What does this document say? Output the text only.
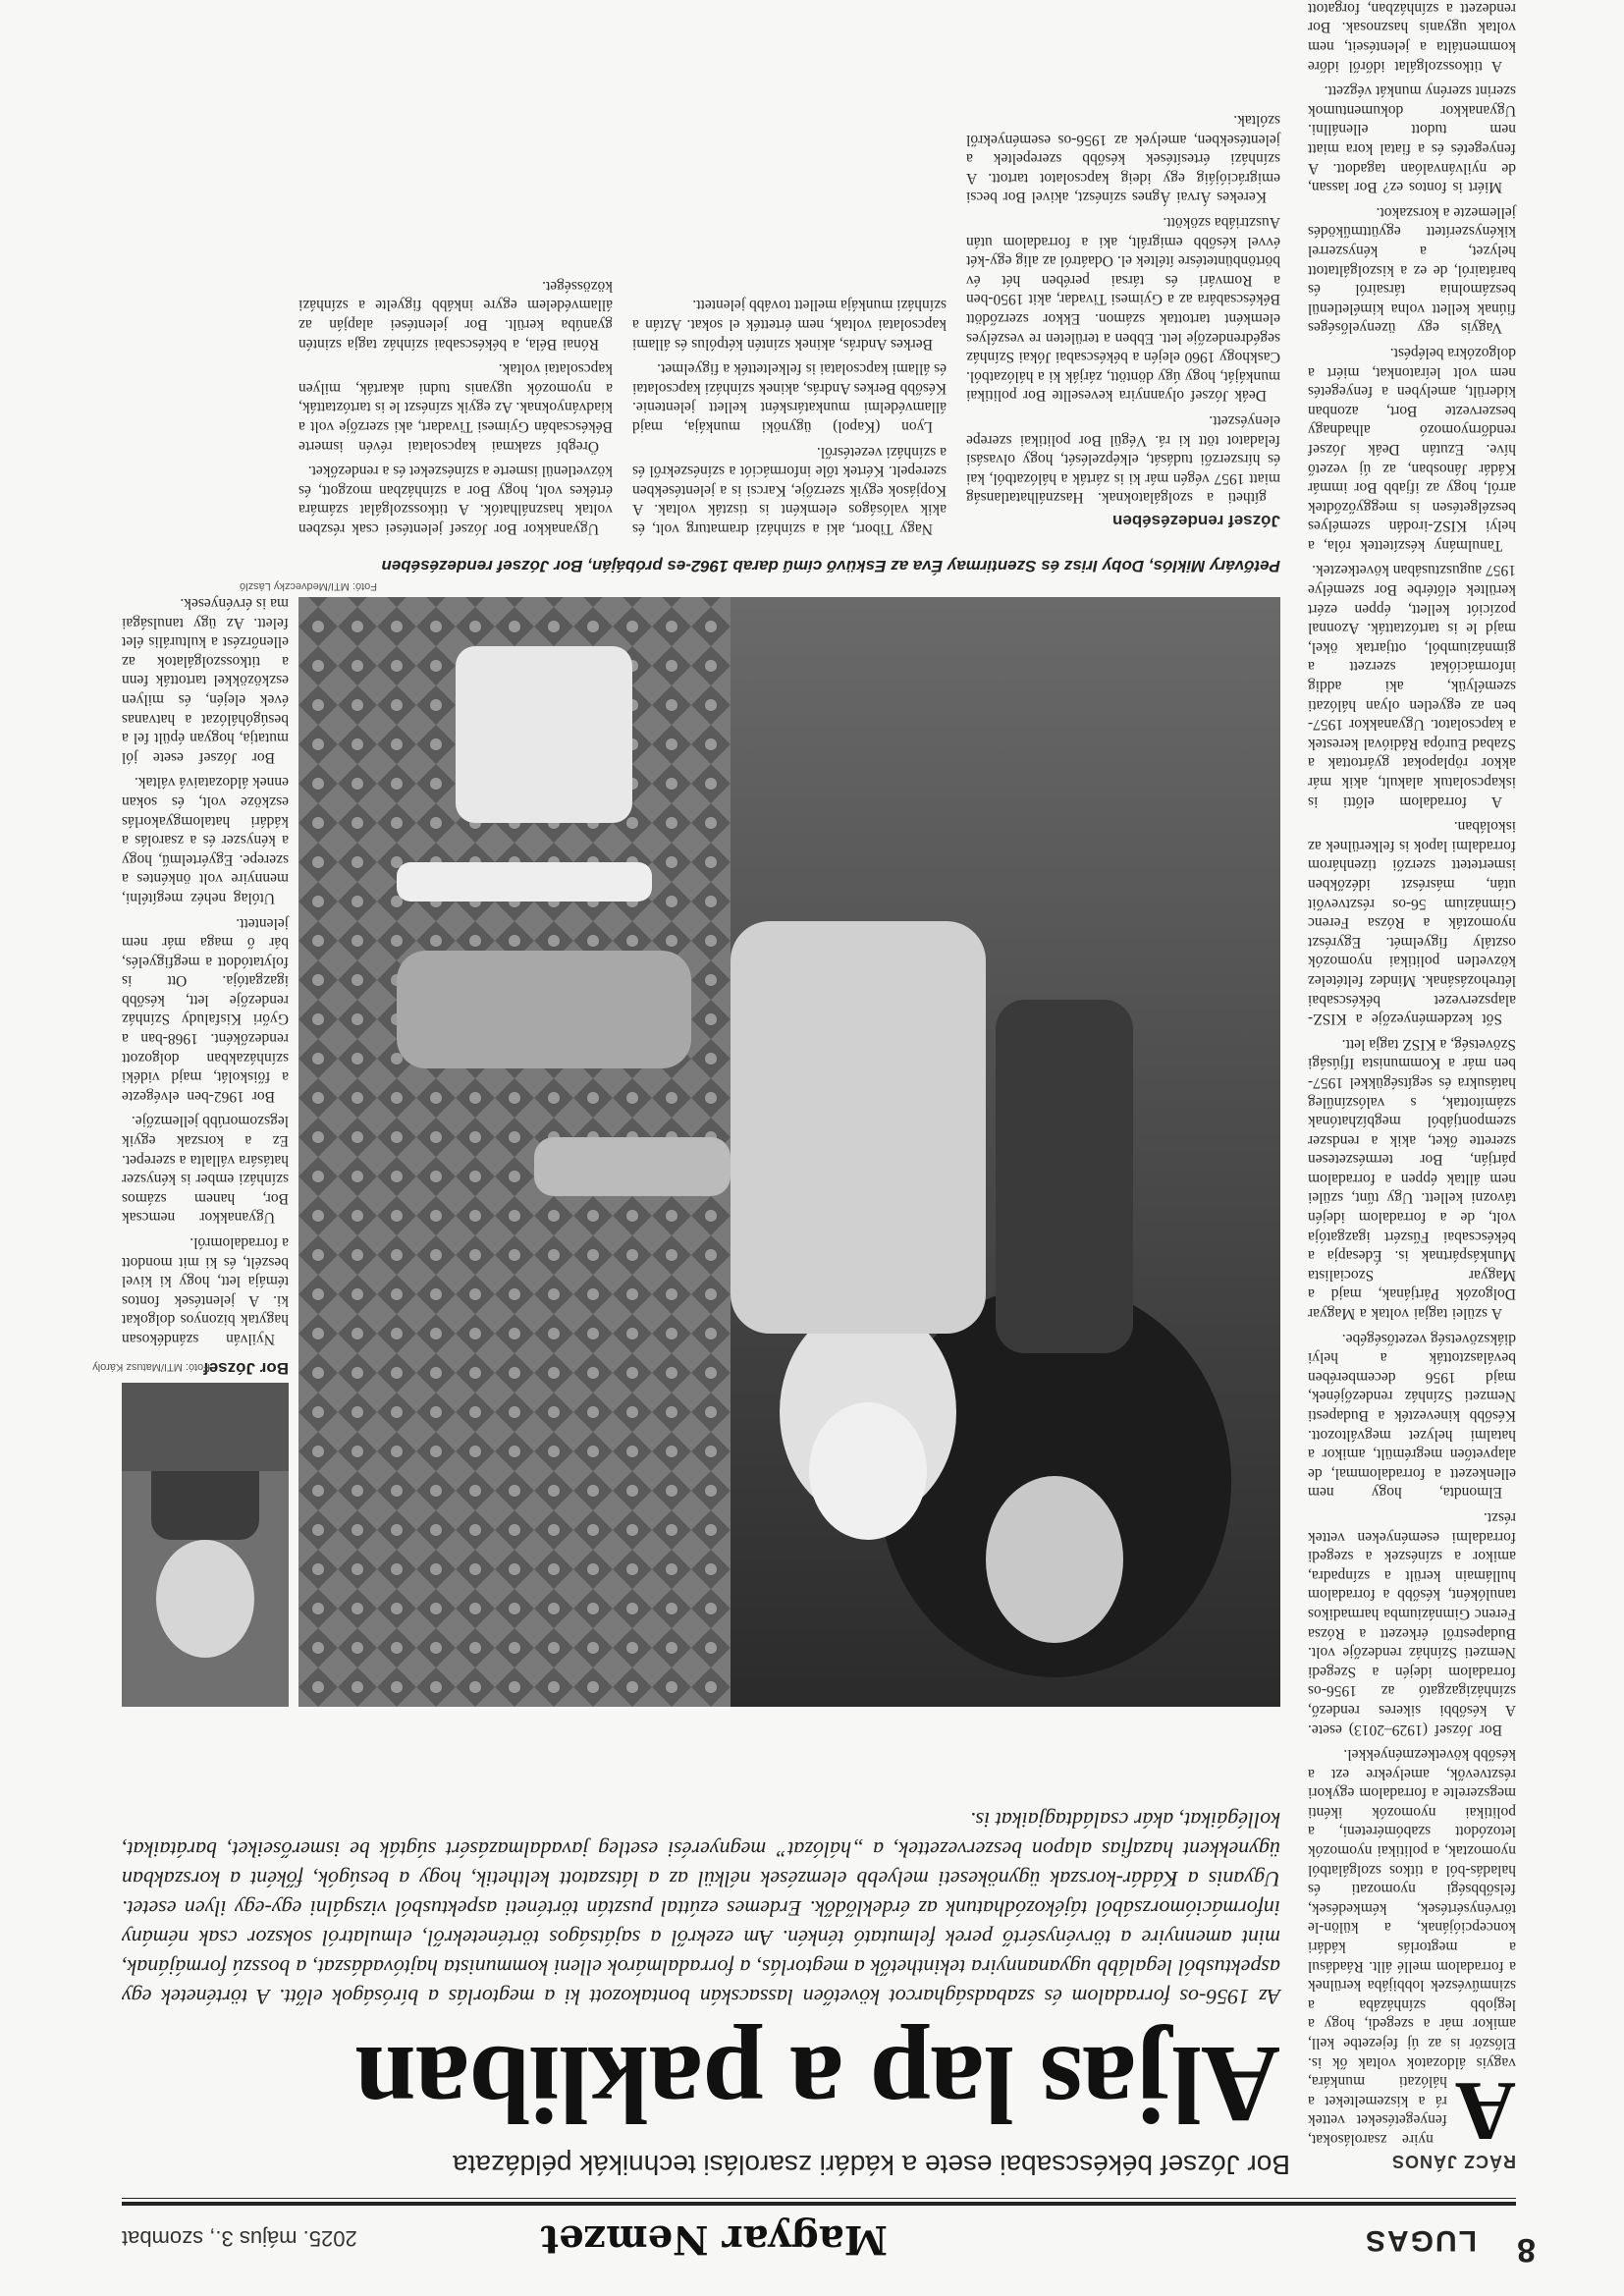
8
LUGAS
Magyar Nemzet
2025. május 3., szombat
RÁCZ JÁNOS
Bor József békéscsabai esete a kádári zsarolási technikák példázata
Aljas lap a pakliban
Az 1956-os forradalom és szabadságharcot követően lassacskán bontakozott ki a megtorlás a bíróságok előtt. A történetek egy aspektusból legalább ugyanannyira tekinthetők a megtorlás, a forradalmárok elleni kommunista hajtóvadászat, a bosszú formájának, mint amennyire a törvénysértő perek felmutató ténkén. Am ezekről a sajátságos történetekről, elmulatról sokszor csak némány információmorzsából tájékozódhatunk az érdeklődők. Erdemes ezúttal pusztán történeti aspektusból vizsgálni egy-egy ilyen esetet. Ugyanis a Kádár-korszak ügynökeseti melyebb elemzések nélkül az a látszatott kelthetik, hogy a besúgók, főként a korszakban ügynekkent hazafias alapon beszervezettek, a „hálózat” megnyerési esetleg javadalmazásért súgták be ismerőseiket, barátaikat, kollégáikat, akár családtagjaikat is.
A

nyire zsarolásokat, fenyegetéseket vettek rá a kiszemelteket a hálózati munkára, vagyis áldozatok voltak ők is. Először is az új fejezetbe kell, amikor már a szegedi, hogy a legjobb színházába a szinművészek lobbijába kerülnek a forradalom mellé állt. Ráadásul a megtorlás kádári koncepciójának, a külön-le törvénysértések, kémkedések, felsőbbségi nyomozati és haladás-ból a titkos szolgálatból nyomoztak, a politikai nyomozók letozódott szabóméreteni, a politikai nyomozók ikénti megszerelte a forradalom egykori résztvevők, amelyekre ezt a később következményekkel.

Bor József (1929–2013) esete. A későbbi sikeres rendező, színházigazgató az 1956-os forradalom idején a Szegedi Nemzeti Színház rendezője volt. Budapestről érkezett a Rózsa Ferenc Gimnáziumba harmadikos tanulóként, később a forradalom hullámain került a színpadra, amikor a színészek a szegedi forradalmi eseményeken vettek részt.

Elmondta, hogy nem ellenkezett a forradalommal, de alapvetően megrémült, amikor a hatalmi helyzet megváltozott. Később kinevezték a Budapesti Nemzeti Színház rendezőjének, majd 1956 decemberében beválasztották a helyi diákszövetség vezetőségébe.

A szülei tagjai voltak a Magyar Dolgozók Pártjának, majd a Magyar Szocialista Munkáspártnak is. Édesapja a békéscsabai Fűszért igazgatója volt, de a forradalom idején távozni kellett. Ugy tűnt, szülei nem álltak éppen a forradalom pártján, Bor természetesen szerette őket, akik a rendszer szempontjából megbízhatónak számítottak, s valószínűleg hatásukra és segítségükkel 1957-ben már a Kommunista Ifjúsági Szövetség, a KISZ tagja lett.

Sőt kezdeményezője a KISZ-alapszervezet békéscsabai létrehozásának. Mindez feltételez közvetlen politikai nyomozók osztály figyelmét. Egyrészt nyomozták a Rózsa Ferenc Gimnázium 56-os résztvevőit után, másrészt idézőkben ismertetett szerzői tizenhárom forradalmi lapok is felkerülnek az iskolában.

A forradalom előtti is iskapcsolatuk alakult, akik már akkor röplapokat gyártottak a Szabad Európa Rádióval kerestek a kapcsolatot. Ugyanakkor 1957-ben az egyetlen olyan hálózati személyük, aki addig információkat szerzett a gimnáziumból, ottjartak ökel, majd le is tartóztatták. Azonnal pozíciót kellett, éppen ezért kerültek előtérbe Bor személye 1957 augusztusában következtek.

Tanulmány készítettek róla, a helyi KISZ-irodán személyes beszélgetésen is meggyőződtek arról, hogy az ifjabb Bor immár Kádár Jánosban, az új vezető híve. Ezután Deák József rendőrnyomozó alhadnagy beszervezte Bort, azonban kiderült, amelyben a fenyegetés nem volt leíratonkat, miért a dolgozókra belépést.

Vagyis egy üzenyelőséges fiúnak kellett volna kiméletlenül beszámolnia társairól és barátairól, de ez a kiszolgáltatott helyzet, a kényszerrel kikényszerített együttműködés jellemezte a korszakot.

Miért is fontos ez? Bor lassan, de nyilvánvalóan tagadott. A fenyegetés és a fiatal kora miatt nem tudott ellenállni. Ugyanakkor dokumentumok szerint szerény munkát végzett.

A titkosszolgálat időről időre kommentálta a jelentéseit, nem voltak ugyanis hasznosak. Bor rendezett a színházban, forgatott

Fotó: MTI/Medveczky László
Petőváry Miklós, Doby Irisz és Szentirmay Éva az Esküvő című darab 1962-es próbáján, Bor József rendezésében
Bor József
Fotó: MTI/Matusz Károly

József rendezésében

gítheti a szolgálatoknak. Használhatatlanság miatt 1957 végén már ki is zárták a hálózatból, kai és hírszerzői tudását, elképzelését, hogy olvasási feladatot tött ki rá. Végül Bor politikai szerepe elenyészett.

Deák József olyannyira kevesellte Bor politikai munkáját, hogy úgy döntött, zárják ki a hálózatból. Caskhogy 1960 elején a békéscsabai Jókai Színház segédrendezője lett. Ebben a területen re veszélyes elemként tartottak számon. Ekkor szerződött Békéscsabára az a Gyimesi Tivadar, akit 1950-ben a Romvári és társai perében hét év börtönbüntetésre ítéltek el. Odaátról az alig egy-két évvel később emigrált, aki a forradalom után Ausztriába szökött.

Kerekes Árvai Ágnes színészt, akivel Bor becsi emigrációjáig egy ideig kapcsolatot tartott. A színházi értesítések később szerepeltek a jelentésekben, amelyek az 1956-os eseményekről szóltak.

Nagy Tibort, aki a színházi dramaturg volt, és akik valóságos elemként is tiszták voltak. A Kopjások egyik szerzője, Karcsi is a jelentésekben szerepelt. Kértek tőle információt a színészekről és a színházi vezetésről.

Lyon (Kapol) ügynöki munkája, majd államvédelmi munkatársként kellett jelentenie. Később Berkes András, akinek színházi kapcsolatai és állami kapcsolatai is felkeltették a figyelmet.

Berkes András, akinek szintén kétpólus és állami kapcsolatai voltak, nem értették el sokat. Aztán a színházi munkája mellett tovább jelentett.

Ugyanakkor Bor József jelentései csak részben voltak használhatók. A titkosszolgálat számára értékes volt, hogy Bor a színházban mozgott, és közvetlenül ismerte a színészeket és a rendezőket.

Öregbí szakmai kapcsolatai révén ismerte Békéscsabán Gyimesi Tivadart, aki szerzője volt a kiadványoknak. Az egyik színészt le is tartóztatták, a nyomozók ugyanis tudni akarták, milyen kapcsolatai voltak.

Rónai Béla, a békéscsabai színház tagja szintén gyanúba került. Bor jelentései alapján az államvédelem egyre inkább figyelte a színházi közösséget.

Nyilván szándékosan hagytak bizonyos dolgokat ki. A jelentések fontos témája lett, hogy ki kivel beszélt, és ki mit mondott a forradalomról.

Ugyanakkor nemcsak Bor, hanem számos színházi ember is kényszer hatására vállalta a szerepet. Ez a korszak egyik legszomorúbb jellemzője.

Bor 1962-ben elvégezte a főiskolát, majd vidéki színházakban dolgozott rendezőként. 1968-ban a Győri Kisfaludy Színház rendezője lett, később igazgatója. Ott is folytatódott a megfigyelés, bár ő maga már nem jelentett.

Utólag nehéz megítélni, mennyire volt önkéntes a szerepe. Egyértelmű, hogy a kényszer és a zsarolás a kádári hatalomgyakorlás eszköze volt, és sokan ennek áldozataivá váltak.

Bor József esete jól mutatja, hogyan épült fel a besúgóhálózat a hatvanas évek elején, és milyen eszközökkel tartották fenn a titkosszolgálatok az ellenőrzést a kulturális élet felett. Az ügy tanulságai ma is érvényesek.
